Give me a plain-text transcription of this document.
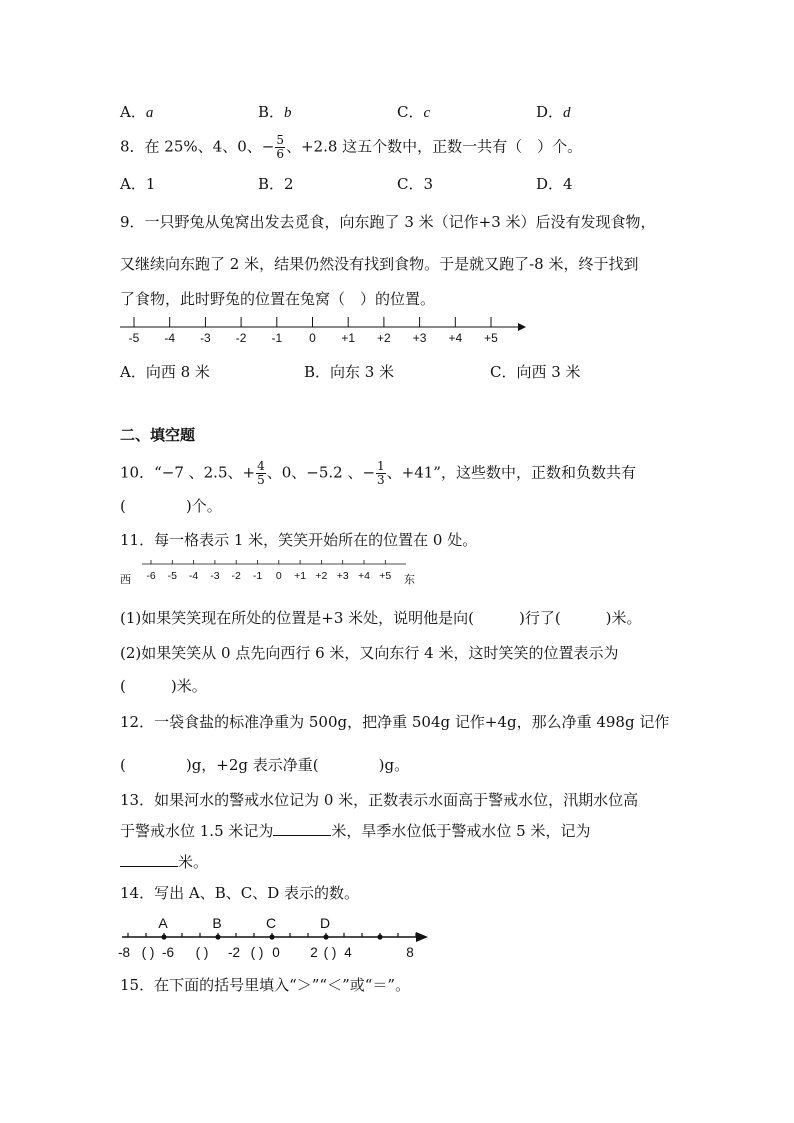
A．a	B．b	C．c	D．d
8．在 25%、4、0、− $\frac{5}{6}$ 、+2.8 这五个数中，正数一共有（　）个。
A．1	B．2	C．3	D．4
9．一只野兔从兔窝出发去觅食，向东跑了 3 米（记作+3 米）后没有发现食物，
又继续向东跑了 2 米，结果仍然没有找到食物。于是就又跑了-8 米，终于找到
了食物，此时野兔的位置在兔窝（　）的位置。
-5 -4 -3 -2 -1 0 +1 +2 +3 +4 +5
A．向西 8 米	B．向东 3 米	C．向西 3 米
二、填空题
10．“−7 、2.5、+ $\frac{4}{5}$ 、0、−5.2 、− $\frac{1}{3}$ 、+41”，这些数中，正数和负数共有
(　　　　)个。
11．每一格表示 1 米，笑笑开始所在的位置在 0 处。
西	东
-6 -5 -4 -3 -2 -1 0 +1 +2 +3 +4 +5
(1)如果笑笑现在所处的位置是+3 米处，说明他是向(　　　)行了(　　　)米。
(2)如果笑笑从 0 点先向西行 6 米，又向东行 4 米，这时笑笑的位置表示为
(　　　)米。
12．一袋食盐的标准净重为 500g，把净重 504g 记作+4g，那么净重 498g 记作
(　　　　)g，+2g 表示净重(　　　　)g。
13．如果河水的警戒水位记为 0 米，正数表示水面高于警戒水位，汛期水位高
于警戒水位 1.5 米记为	米，旱季水位低于警戒水位 5 米，记为
米。
14．写出 A、B、C、D 表示的数。
A	B	C	D
-8 ( ) -6 ( ) -2 ( ) 0 2 ( ) 4	8
15．在下面的括号里填入“＞”“＜”或“＝”。
